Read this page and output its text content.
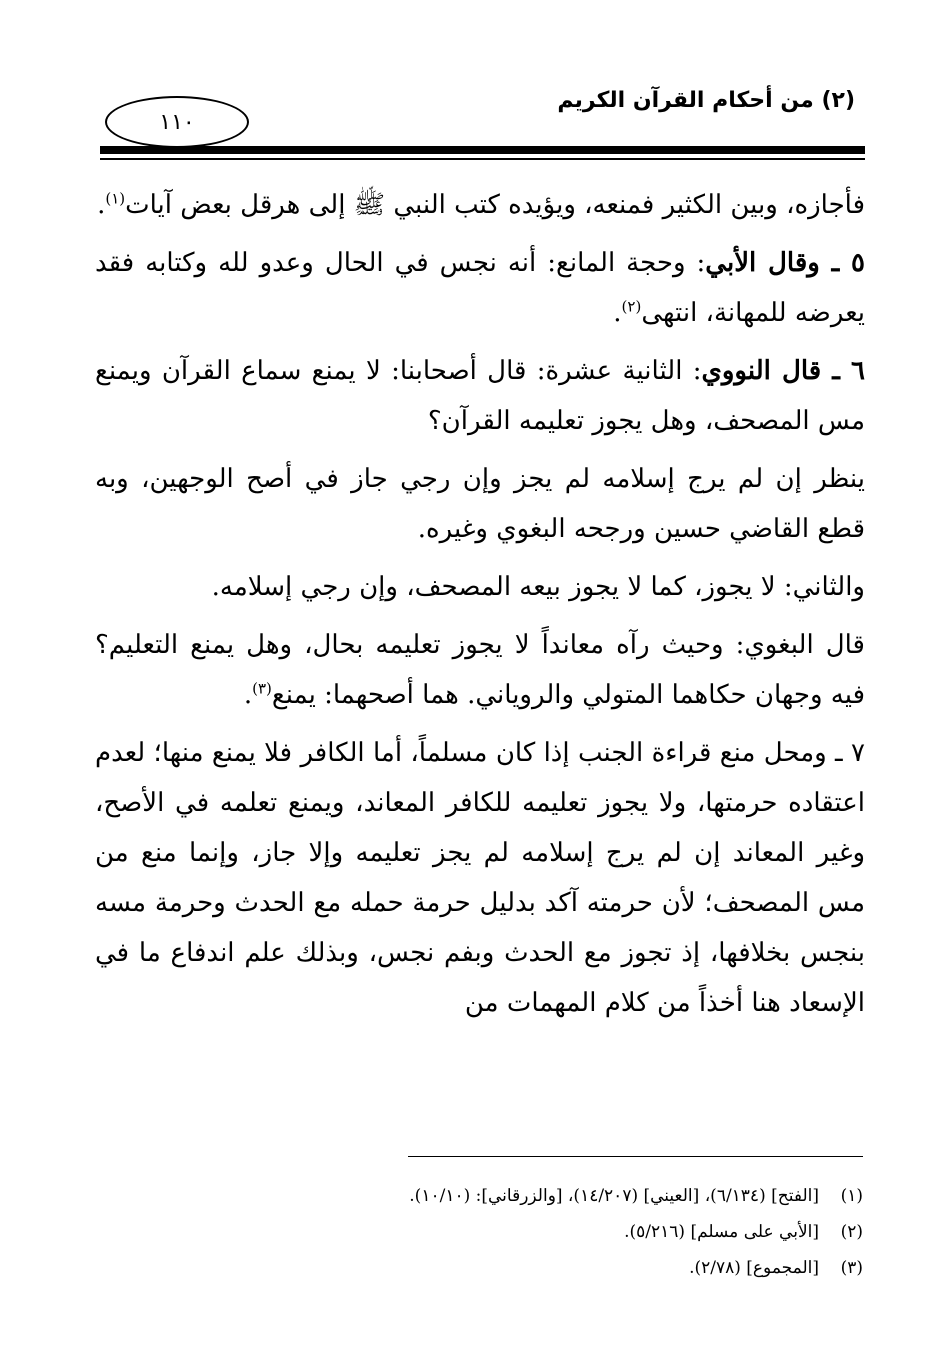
(٢) من أحكام القرآن الكريم
١١٠

فأجازه، وبين الكثير فمنعه، ويؤيده كتب النبي ﷺ إلى هرقل بعض آيات$^{(١)}$.

٥ ـ وقال الأبي: وحجة المانع: أنه نجس في الحال وعدو لله وكتابه فقد يعرضه للمهانة، انتهى$^{(٢)}$.

٦ ـ قال النووي: الثانية عشرة: قال أصحابنا: لا يمنع سماع القرآن ويمنع مس المصحف، وهل يجوز تعليمه القرآن؟

ينظر إن لم يرج إسلامه لم يجز وإن رجي جاز في أصح الوجهين، وبه قطع القاضي حسين ورجحه البغوي وغيره.

والثاني: لا يجوز، كما لا يجوز بيعه المصحف، وإن رجي إسلامه.

قال البغوي: وحيث رآه معانداً لا يجوز تعليمه بحال، وهل يمنع التعليم؟ فيه وجهان حكاهما المتولي والروياني. هما أصحهما: يمنع$^{(٣)}$.

٧ ـ ومحل منع قراءة الجنب إذا كان مسلماً، أما الكافر فلا يمنع منها؛ لعدم اعتقاده حرمتها، ولا يجوز تعليمه للكافر المعاند، ويمنع تعلمه في الأصح، وغير المعاند إن لم يرج إسلامه لم يجز تعليمه وإلا جاز، وإنما منع من مس المصحف؛ لأن حرمته آكد بدليل حرمة حمله مع الحدث وحرمة مسه بنجس بخلافها، إذ تجوز مع الحدث وبفم نجس، وبذلك علم اندفاع ما في الإسعاد هنا أخذاً من كلام المهمات من

(١)[الفتح] (٦/١٣٤)، [العيني] (١٤/٢٠٧)، [والزرقاني]: (١٠/١٠).
(٢)[الأبي على مسلم] (٥/٢١٦).
(٣)[المجموع] (٢/٧٨).
